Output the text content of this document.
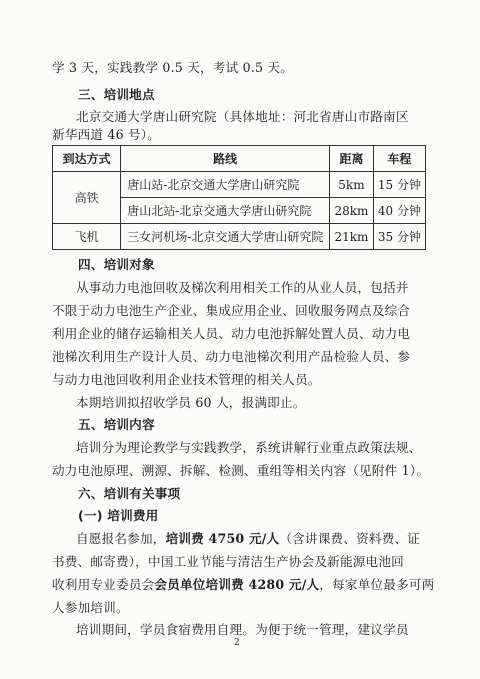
学 3 天，实践教学 0.5 天，考试 0.5 天。
三、培训地点
北京交通大学唐山研究院（具体地址：河北省唐山市路南区
新华西道 46 号）。
到达方式	路线	距离	车程
高铁	唐山站-北京交通大学唐山研究院	5km	15 分钟
	唐山北站-北京交通大学唐山研究院	28km	40 分钟
飞机	三女河机场-北京交通大学唐山研究院	21km	35 分钟
四、培训对象
从事动力电池回收及梯次利用相关工作的从业人员，包括并
不限于动力电池生产企业、集成应用企业、回收服务网点及综合
利用企业的储存运输相关人员、动力电池拆解处置人员、动力电
池梯次利用生产设计人员、动力电池梯次利用产品检验人员、参
与动力电池回收利用企业技术管理的相关人员。
本期培训拟招收学员 60 人，报满即止。
五、培训内容
培训分为理论教学与实践教学，系统讲解行业重点政策法规、
动力电池原理、溯源、拆解、检测、重组等相关内容（见附件 1）。
六、培训有关事项
(一) 培训费用
自愿报名参加，培训费 4750 元/人（含讲课费、资料费、证
书费、邮寄费），中国工业节能与清洁生产协会及新能源电池回
收利用专业委员会会员单位培训费 4280 元/人，每家单位最多可两
人参加培训。
培训期间，学员食宿费用自理。为便于统一管理，建议学员
2
